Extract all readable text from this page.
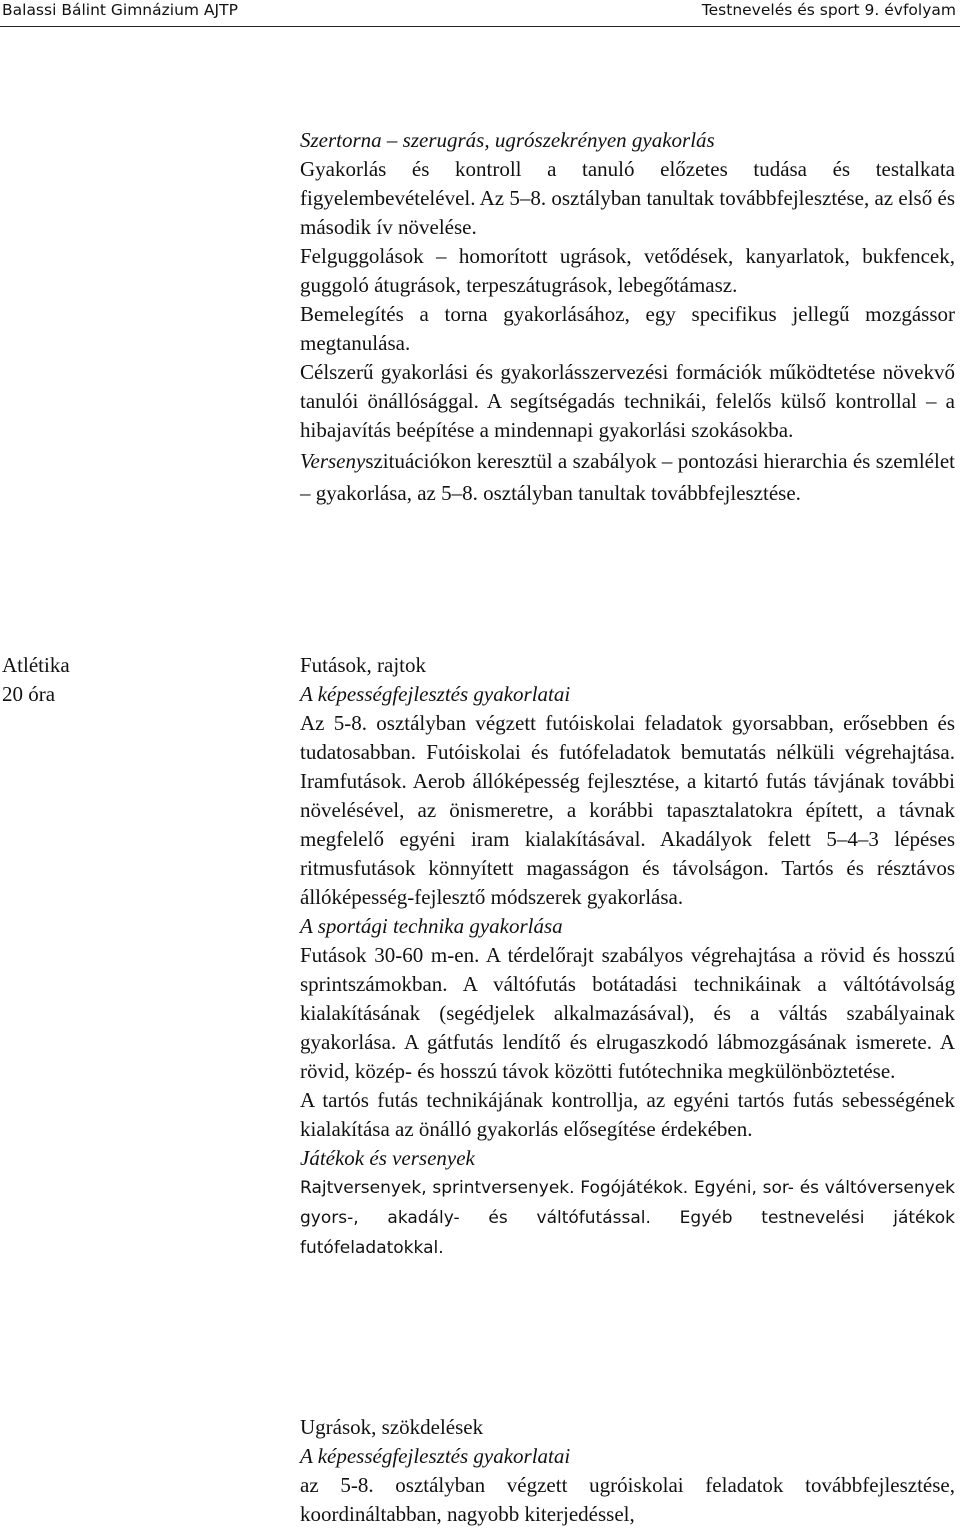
Balassi Bálint Gimnázium AJTP	Testnevelés és sport 9. évfolyam

Szertorna – szerugrás, ugrószekrényen gyakorlás

Gyakorlás és kontroll a tanuló előzetes tudása és testalkata figyelembevételével. Az 5–8. osztályban tanultak továbbfejlesztése, az első és második ív növelése.

Felguggolások – homorított ugrások, vetődések, kanyarlatok, bukfencek, guggoló átugrások, terpeszátugrások, lebegőtámasz.

Bemelegítés a torna gyakorlásához, egy specifikus jellegű mozgássor megtanulása.

Célszerű gyakorlási és gyakorlásszervezési formációk működtetése növekvő tanulói önállósággal. A segítségadás technikái, felelős külső kontrollal – a hibajavítás beépítése a mindennapi gyakorlási szokásokba.

Versenyszituációkon keresztül a szabályok – pontozási hierarchia és szemlélet – gyakorlása, az 5–8. osztályban tanultak továbbfejlesztése.

Atlétika
20 óra

Futások, rajtok

A képességfejlesztés gyakorlatai

Az 5-8. osztályban végzett futóiskolai feladatok gyorsabban, erősebben és tudatosabban. Futóiskolai és futófeladatok bemutatás nélküli végrehajtása. Iramfutások. Aerob állóképesség fejlesztése, a kitartó futás távjának további növelésével, az önismeretre, a korábbi tapasztalatokra épített, a távnak megfelelő egyéni iram kialakításával. Akadályok felett 5–4–3 lépéses ritmusfutások könnyített magasságon és távolságon. Tartós és résztávos állóképesség-fejlesztő módszerek gyakorlása.

A sportági technika gyakorlása

Futások 30-60 m-en. A térdelőrajt szabályos végrehajtása a rövid és hosszú sprintszámokban. A váltófutás botátadási technikáinak a váltótávolság kialakításának (segédjelek alkalmazásával), és a váltás szabályainak gyakorlása. A gátfutás lendítő és elrugaszkodó lábmozgásának ismerete. A rövid, közép- és hosszú távok közötti futótechnika megkülönböztetése.

A tartós futás technikájának kontrollja, az egyéni tartós futás sebességének kialakítása az önálló gyakorlás elősegítése érdekében.

Játékok és versenyek

Rajtversenyek, sprintversenyek. Fogójátékok. Egyéni, sor- és váltóversenyek gyors-, akadály- és váltófutással. Egyéb testnevelési játékok futófeladatokkal.

Ugrások, szökdelések

A képességfejlesztés gyakorlatai

az 5-8. osztályban végzett ugróiskolai feladatok továbbfejlesztése, koordináltabban, nagyobb kiterjedéssel,
